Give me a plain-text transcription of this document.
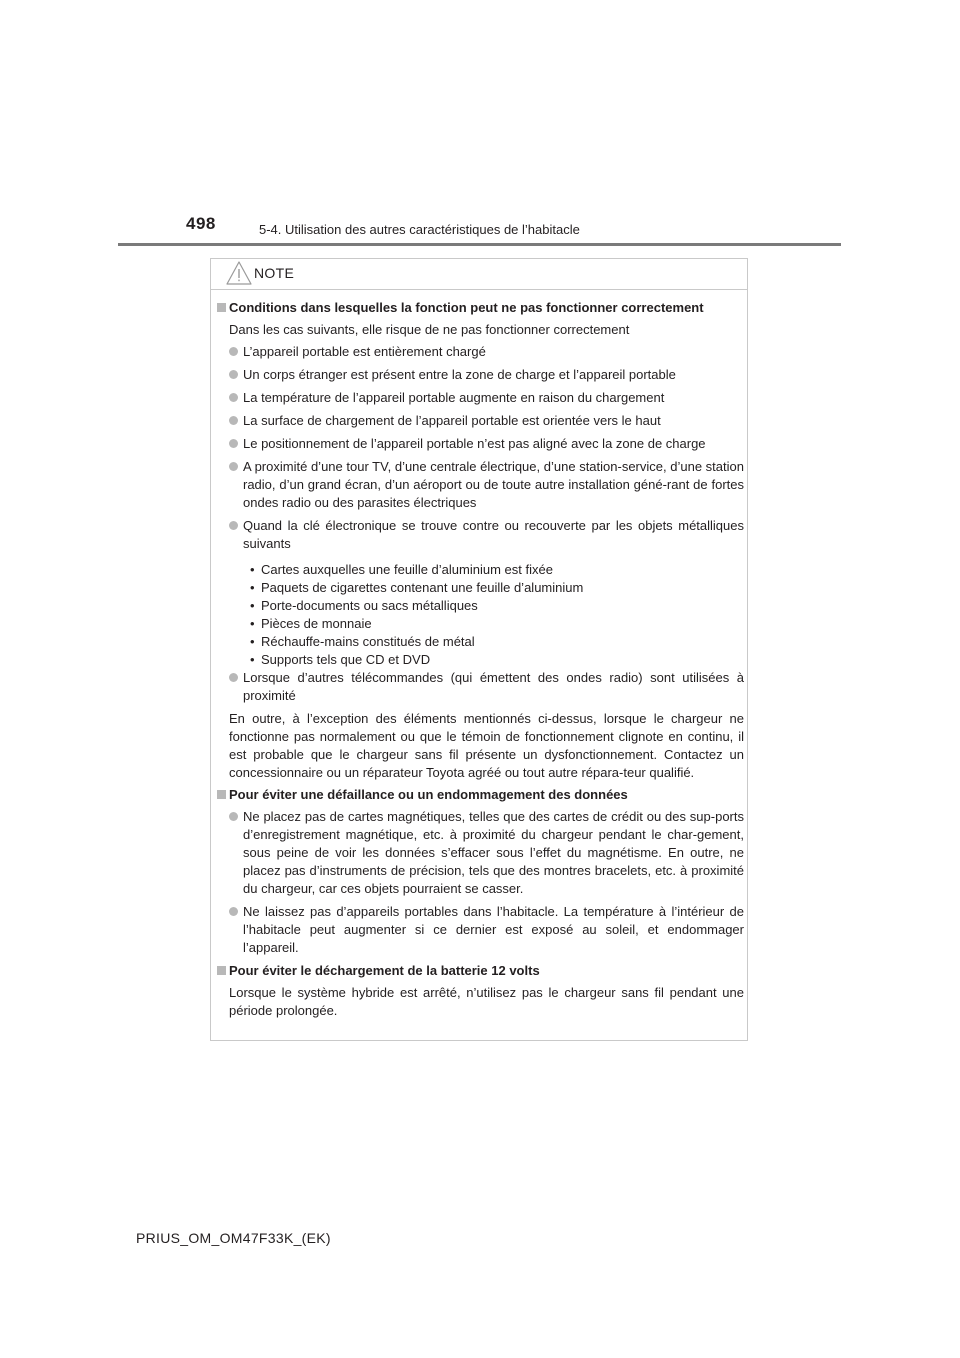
498	5-4. Utilisation des autres caractéristiques de l’habitacle
NOTE
Conditions dans lesquelles la fonction peut ne pas fonctionner correctement
Dans les cas suivants, elle risque de ne pas fonctionner correctement
L’appareil portable est entièrement chargé
Un corps étranger est présent entre la zone de charge et l’appareil portable
La température de l’appareil portable augmente en raison du chargement
La surface de chargement de l’appareil portable est orientée vers le haut
Le positionnement de l’appareil portable n’est pas aligné avec la zone de charge
A proximité d’une tour TV, d’une centrale électrique, d’une station-service, d’une station radio, d’un grand écran, d’un aéroport ou de toute autre installation géné-rant de fortes ondes radio ou des parasites électriques
Quand la clé électronique se trouve contre ou recouverte par les objets métalliques suivants
• Cartes auxquelles une feuille d’aluminium est fixée
• Paquets de cigarettes contenant une feuille d’aluminium
• Porte-documents ou sacs métalliques
• Pièces de monnaie
• Réchauffe-mains constitués de métal
• Supports tels que CD et DVD
Lorsque d’autres télécommandes (qui émettent des ondes radio) sont utilisées à proximité
En outre, à l’exception des éléments mentionnés ci-dessus, lorsque le chargeur ne fonctionne pas normalement ou que le témoin de fonctionnement clignote en continu, il est probable que le chargeur sans fil présente un dysfonctionnement. Contactez un concessionnaire ou un réparateur Toyota agréé ou tout autre répara-teur qualifié.
Pour éviter une défaillance ou un endommagement des données
Ne placez pas de cartes magnétiques, telles que des cartes de crédit ou des sup-ports d’enregistrement magnétique, etc. à proximité du chargeur pendant le char-gement, sous peine de voir les données s’effacer sous l’effet du magnétisme. En outre, ne placez pas d’instruments de précision, tels que des montres bracelets, etc. à proximité du chargeur, car ces objets pourraient se casser.
Ne laissez pas d’appareils portables dans l’habitacle. La température à l’intérieur de l’habitacle peut augmenter si ce dernier est exposé au soleil, et endommager l’appareil.
Pour éviter le déchargement de la batterie 12 volts
Lorsque le système hybride est arrêté, n’utilisez pas le chargeur sans fil pendant une période prolongée.
PRIUS_OM_OM47F33K_(EK)
